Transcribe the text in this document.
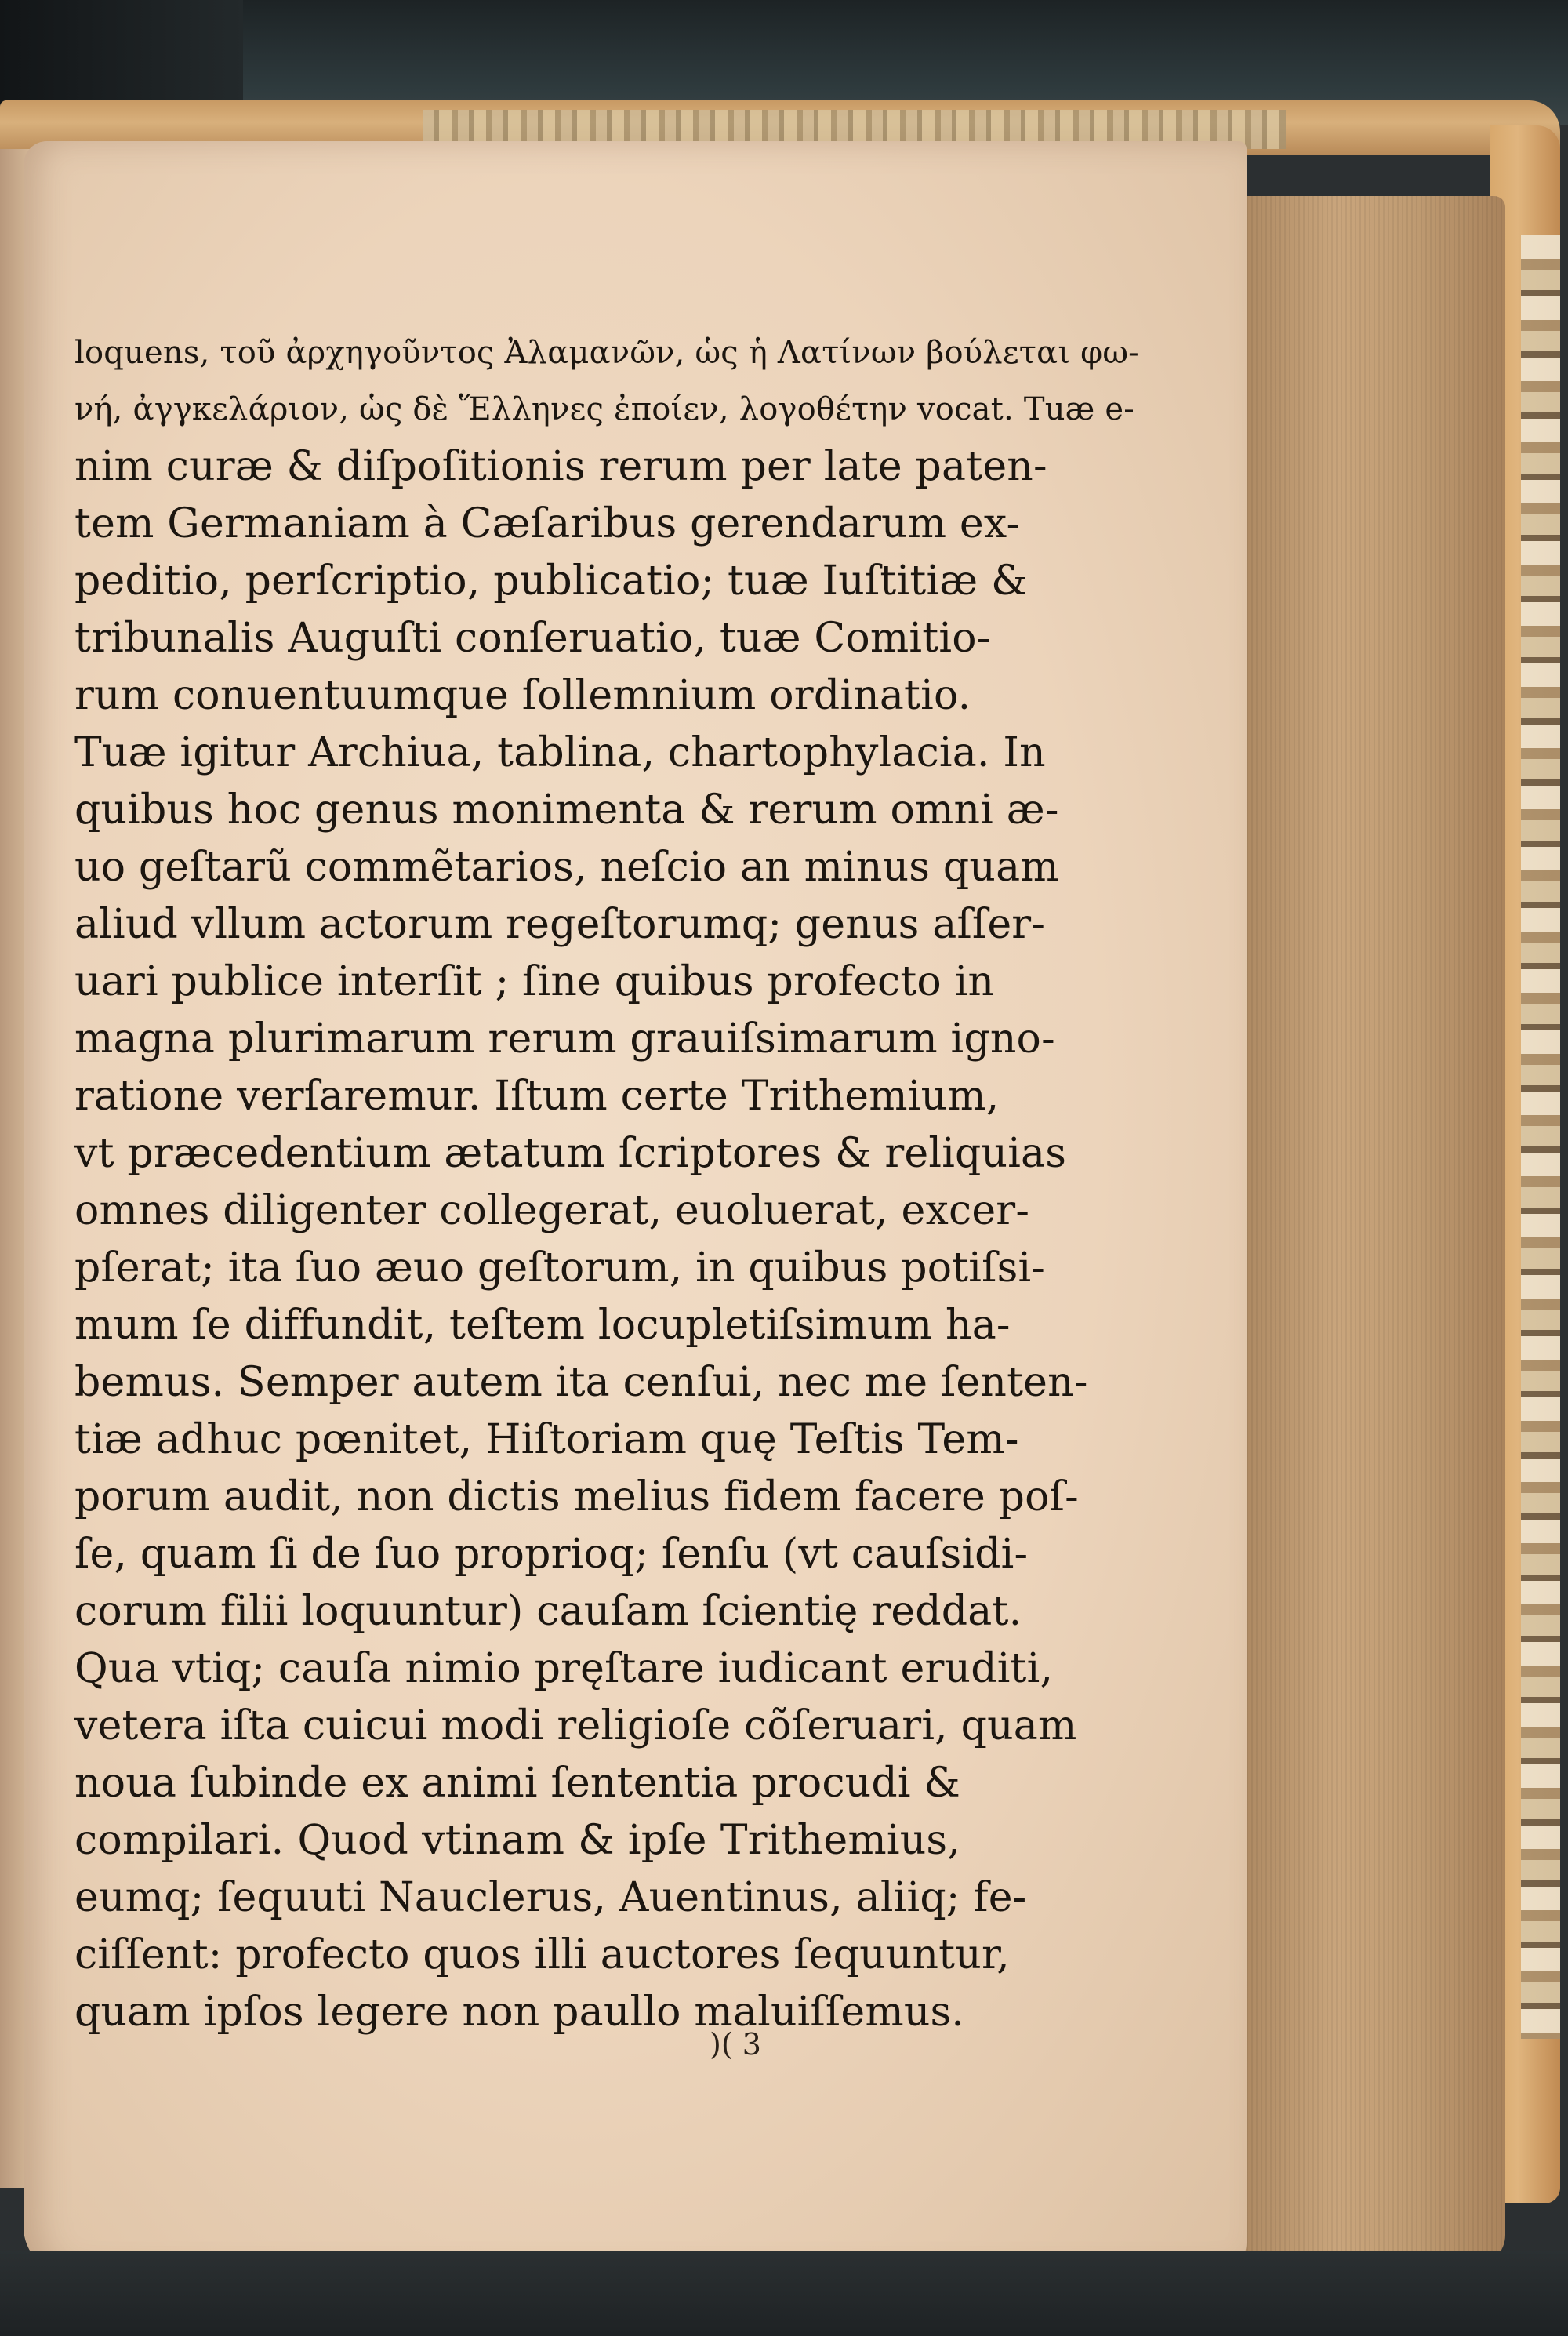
loquens, τοῦ ἀρχηγοῦντος Ἀλαμανῶν, ὡς ἡ Λατίνων βούλεται φω-
νή, ἀγγκελάριον, ὡς δὲ Ἕλληνες ἐποίεν, λογοθέτην vocat. Tuæ e-
nim curæ & diſpoſitionis rerum per late paten-
tem Germaniam à Cæſaribus gerendarum ex-
peditio, perſcriptio, publicatio; tuæ Iuſtitiæ &
tribunalis Auguſti conſeruatio, tuæ Comitio-
rum conuentuumque ſollemnium ordinatio.
Tuæ igitur Archiua, tablina, chartophylacia. In
quibus hoc genus monimenta & rerum omni æ-
uo geſtarũ commẽtarios, neſcio an minus quam
aliud vllum actorum regeſtorumq; genus aſſer-
uari publice interſit ; ſine quibus profecto in
magna plurimarum rerum grauiſsimarum igno-
ratione verſaremur. Iſtum certe Trithemium,
vt præcedentium ætatum ſcriptores & reliquias
omnes diligenter collegerat, euoluerat, excer-
pſerat; ita ſuo æuo geſtorum, in quibus potiſsi-
mum ſe diffundit, teſtem locupletiſsimum ha-
bemus. Semper autem ita cenſui, nec me ſenten-
tiæ adhuc pœnitet, Hiſtoriam quę Teſtis Tem-
porum audit, non dictis melius fidem facere poſ-
ſe, quam ſi de ſuo proprioq; ſenſu (vt cauſsidi-
corum filii loquuntur) cauſam ſcientię reddat.
Qua vtiq; cauſa nimio pręſtare iudicant eruditi,
vetera iſta cuicui modi religioſe cõſeruari, quam
noua ſubinde ex animi ſententia procudi &
compilari. Quod vtinam & ipſe Trithemius,
eumq; ſequuti Nauclerus, Auentinus, aliiq; fe-
ciſſent: profecto quos illi auctores ſequuntur,
quam ipſos legere non paullo maluiſſemus.
)( 3
